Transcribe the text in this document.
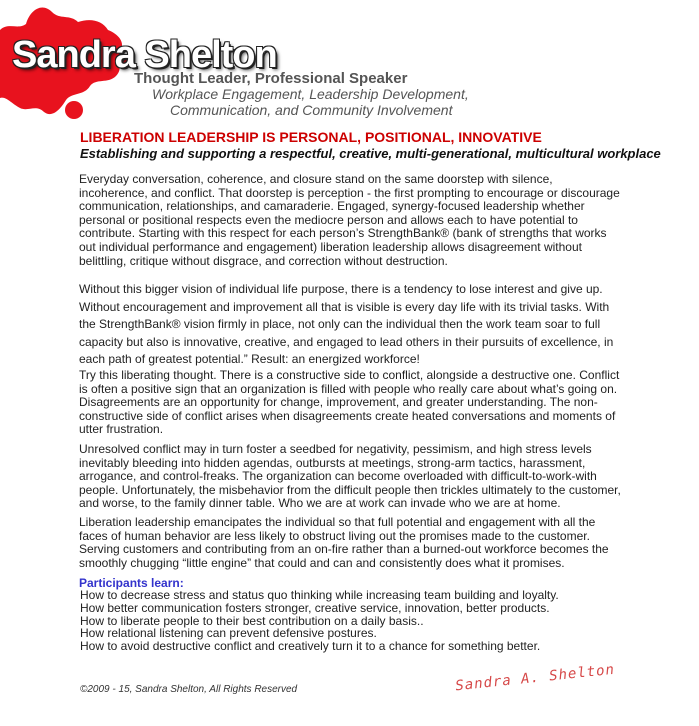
Sandra Shelton
Thought Leader, Professional Speaker
Workplace Engagement, Leadership Development,
Communication, and Community Involvement
LIBERATION LEADERSHIP IS PERSONAL, POSITIONAL, INNOVATIVE
Establishing and supporting a respectful, creative, multi-generational, multicultural workplace

Everyday conversation, coherence, and closure stand on the same doorstep with silence, incoherence, and conflict. That doorstep is perception - the first prompting to encourage or discourage communication, relationships, and camaraderie. Engaged, synergy-focused leadership whether personal or positional respects even the mediocre person and allows each to have potential to contribute. Starting with this respect for each person’s StrengthBank® (bank of strengths that works out individual performance and engagement) liberation leadership allows disagreement without belittling, critique without disgrace, and correction without destruction.

Without this bigger vision of individual life purpose, there is a tendency to lose interest and give up. Without encouragement and improvement all that is visible is every day life with its trivial tasks. With the StrengthBank® vision firmly in place, not only can the individual then the work team soar to full capacity but also is innovative, creative, and engaged to lead others in their pursuits of excellence, in each path of greatest potential.” Result: an energized workforce!

Try this liberating thought. There is a constructive side to conflict, alongside a destructive one. Conflict is often a positive sign that an organization is filled with people who really care about what’s going on. Disagreements are an opportunity for change, improvement, and greater understanding. The non-constructive side of conflict arises when disagreements create heated conversations and moments of utter frustration.

Unresolved conflict may in turn foster a seedbed for negativity, pessimism, and high stress levels inevitably bleeding into hidden agendas, outbursts at meetings, strong-arm tactics, harassment, arrogance, and control-freaks. The organization can become overloaded with difficult-to-work-with people. Unfortunately, the misbehavior from the difficult people then trickles ultimately to the customer, and worse, to the family dinner table. Who we are at work can invade who we are at home.

Liberation leadership emancipates the individual so that full potential and engagement with all the faces of human behavior are less likely to obstruct living out the promises made to the customer. Serving customers and contributing from an on-fire rather than a burned-out workforce becomes the smoothly chugging “little engine” that could and can and consistently does what it promises.

Participants learn:
How to decrease stress and status quo thinking while increasing team building and loyalty.
How better communication fosters stronger, creative service, innovation, better products.
How to liberate people to their best contribution on a daily basis..
How relational listening can prevent defensive postures.
How to avoid destructive conflict and creatively turn it to a chance for something better.
©2009 - 15, Sandra Shelton, All Rights Reserved	Sandra A. Shelton
